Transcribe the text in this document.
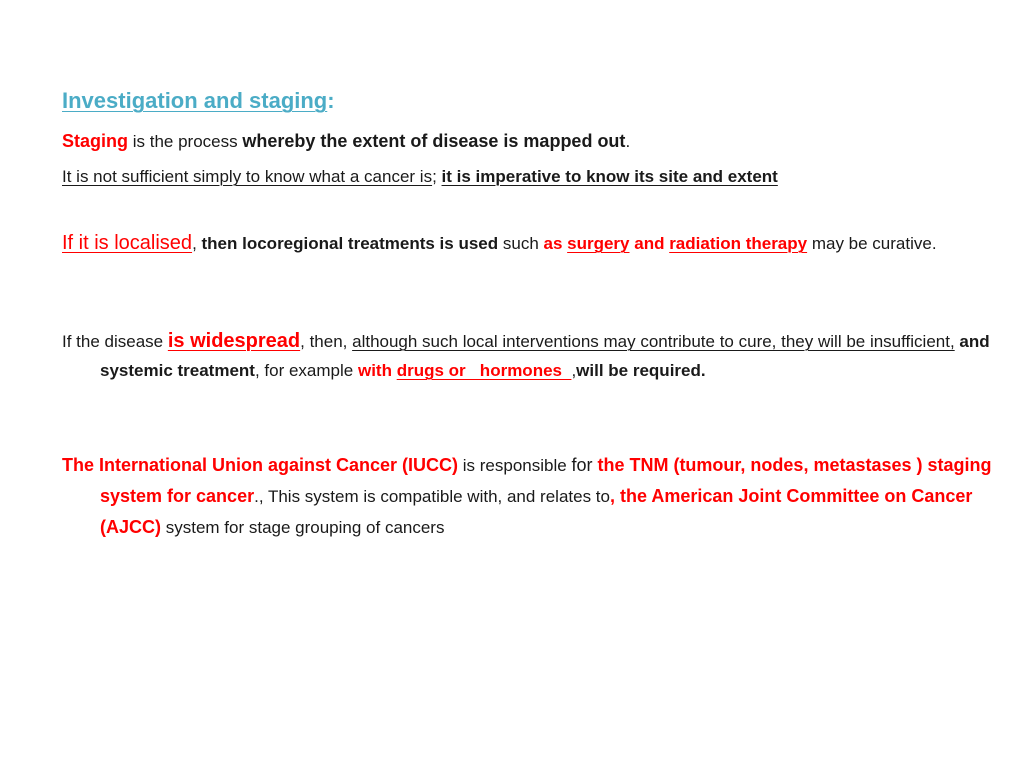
Investigation and staging:
Staging is the process whereby the extent of disease is mapped out.
It is not sufficient simply to know what a cancer is; it is imperative to know its site and extent
If it is localised, then locoregional treatments is used such as surgery and radiation therapy may be curative.
If the disease is widespread, then, although such local interventions may contribute to cure, they will be insufficient, and systemic treatment, for example with drugs or   hormones  ,will be required.
The International Union against Cancer (IUCC) is responsible for the TNM (tumour, nodes, metastases ) staging system for cancer., This system is compatible with, and relates to, the American Joint Committee on Cancer (AJCC) system for stage grouping of cancers
